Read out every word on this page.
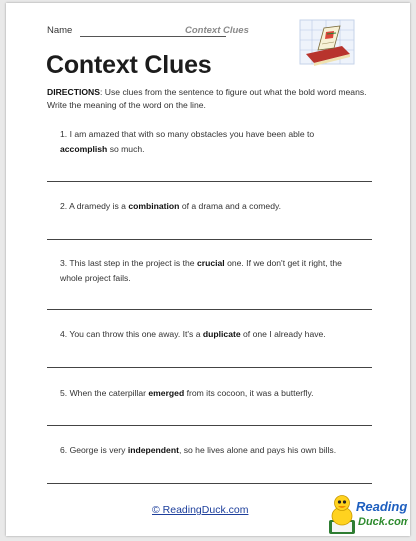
Name	Context Clues
Context Clues
DIRECTIONS: Use clues from the sentence to figure out what the bold word means. Write the meaning of the word on the line.
1. I am amazed that with so many obstacles you have been able to
accomplish so much.
2. A dramedy is a combination of a drama and a comedy.
3. This last step in the project is the crucial one. If we don't get it right, the whole project fails.
4. You can throw this one away. It's a duplicate of one I already have.
5. When the caterpillar emerged from its cocoon, it was a butterfly.
6. George is very independent, so he lives alone and pays his own bills.
© ReadingDuck.com	Reading
Duck.com
